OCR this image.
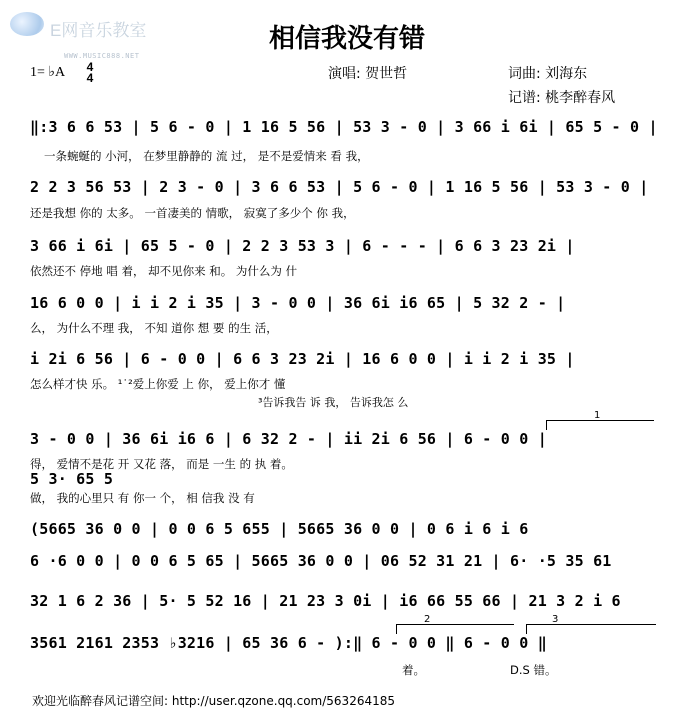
E网音乐教室
WWW.MUSIC888.NET
相信我没有错
1= ♭A 4
4	演唱: 贺世哲	词曲: 刘海东
记谱: 桃李醉春风
‖:3 6 6 53 | 5 6 - 0 | 1 16 5 56 | 53 3 - 0 | 3 66 i 6i | 65 5 - 0 |
一条蜿蜒的 小河， 在梦里静静的 流 过， 是不是爱情来 看 我，
2 2 3 56 53 | 2 3 - 0 | 3 6 6 53 | 5 6 - 0 | 1 16 5 56 | 53 3 - 0 |
还是我想 你的 太多。 一首凄美的 情歌， 寂寞了多少个 你 我，
3 66 i 6i | 65 5 - 0 | 2 2 3 53 3 | 6 - - - | 6 6 3 23 2i |
依然还不 停地 唱 着， 却不见你来 和。 为什么为 什
16 6 0 0 | i i 2 i 35 | 3 - 0 0 | 36 6i i6 65 | 5 32 2 - |
么， 为什么不理 我， 不知 道你 想 要 的生 活，
i 2i 6 56 | 6 - 0 0 | 6 6 3 23 2i | 16 6 0 0 | i i 2 i 35 |
怎么样才快 乐。 ¹˙²爱上你爱 上 你， 爱上你才 懂
³告诉我告 诉 我， 告诉我怎 么
3 - 0 0 | 36 6i i6 6 | 6 32 2 - | ii 2i 6 56 | 6 - 0 0 |
得， 爱情不是花 开 又花 落， 而是 一生 的 执 着。
5 3· 65 5
做， 我的心里只 有 你一 个， 相 信我 没 有
(5665 36 0 0 | 0 0 6 5 655 | 5665 36 0 0 | 0 6 i 6 i 6
6 ·6 0 0 | 0 0 6 5 65 | 5665 36 0 0 | 06 52 31 21 | 6· ·5 35 61
32 1 6 2 36 | 5· 5 52 16 | 21 23 3 0i | i6 66 55 66 | 21 3 2 i 6
3561 2161 2353 ♭3216 | 65 36 6 - ):‖ 6 - 0 0 ‖ 6 - 0 0 ‖
1
2	3
着。	D.S 错。
欢迎光临醉春风记谱空间: http://user.qzone.qq.com/563264185
